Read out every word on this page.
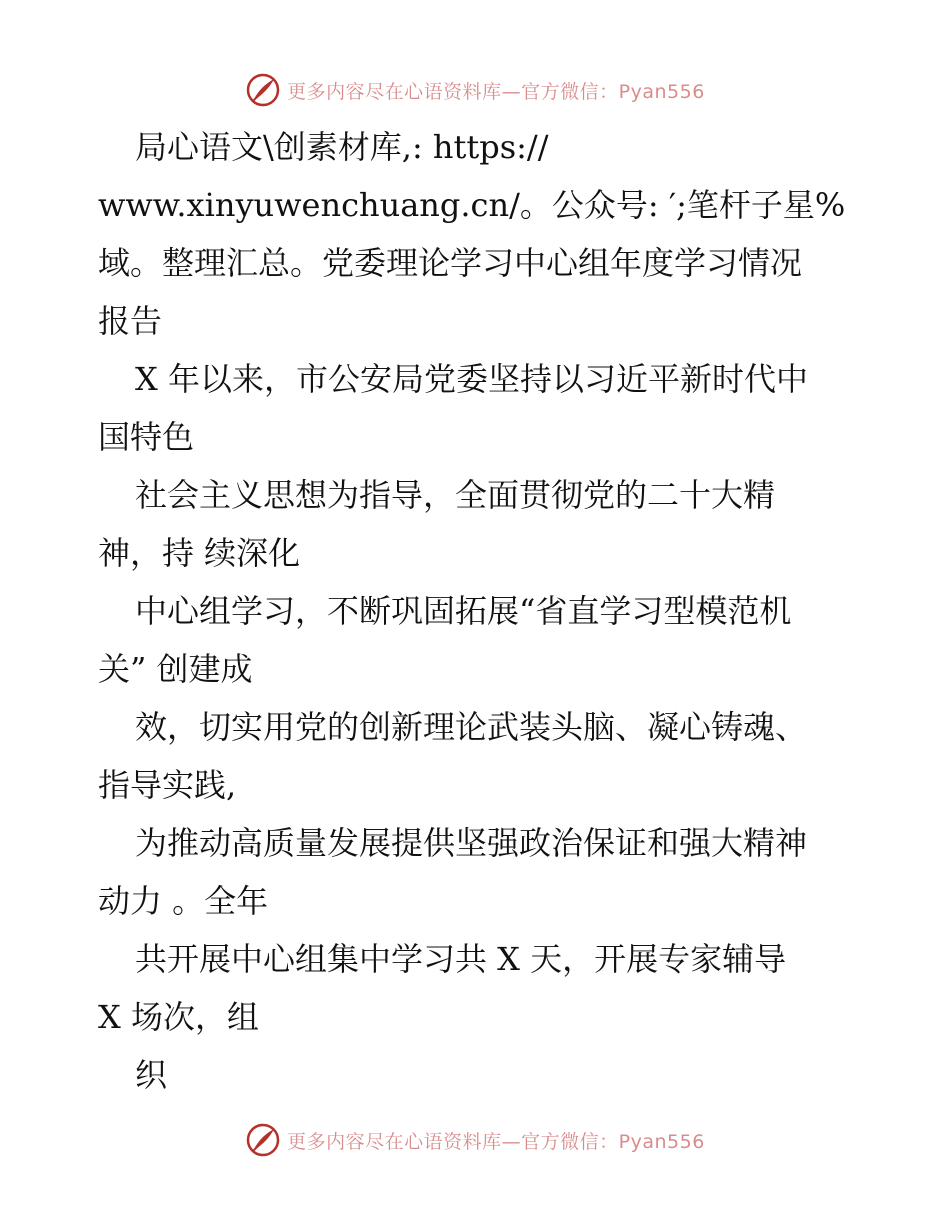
更多内容尽在心语资料库—官方微信：Pyan556
局心语文\创素材库,: https://
www.xinyuwenchuang.cn/。公众号: ′;笔杆子星%
域。整理汇总。党委理论学习中心组年度学习情况
报告
X 年以来，市公安局党委坚持以习近平新时代中
国特色
社会主义思想为指导，全面贯彻党的二十大精
神，持 续深化
中心组学习，不断巩固拓展“省直学习型模范机
关” 创建成
效，切实用党的创新理论武装头脑、凝心铸魂、
指导实践,
为推动高质量发展提供坚强政治保证和强大精神
动力 。全年
共开展中心组集中学习共 X 天，开展专家辅导
X 场次，组
织
更多内容尽在心语资料库—官方微信：Pyan556
